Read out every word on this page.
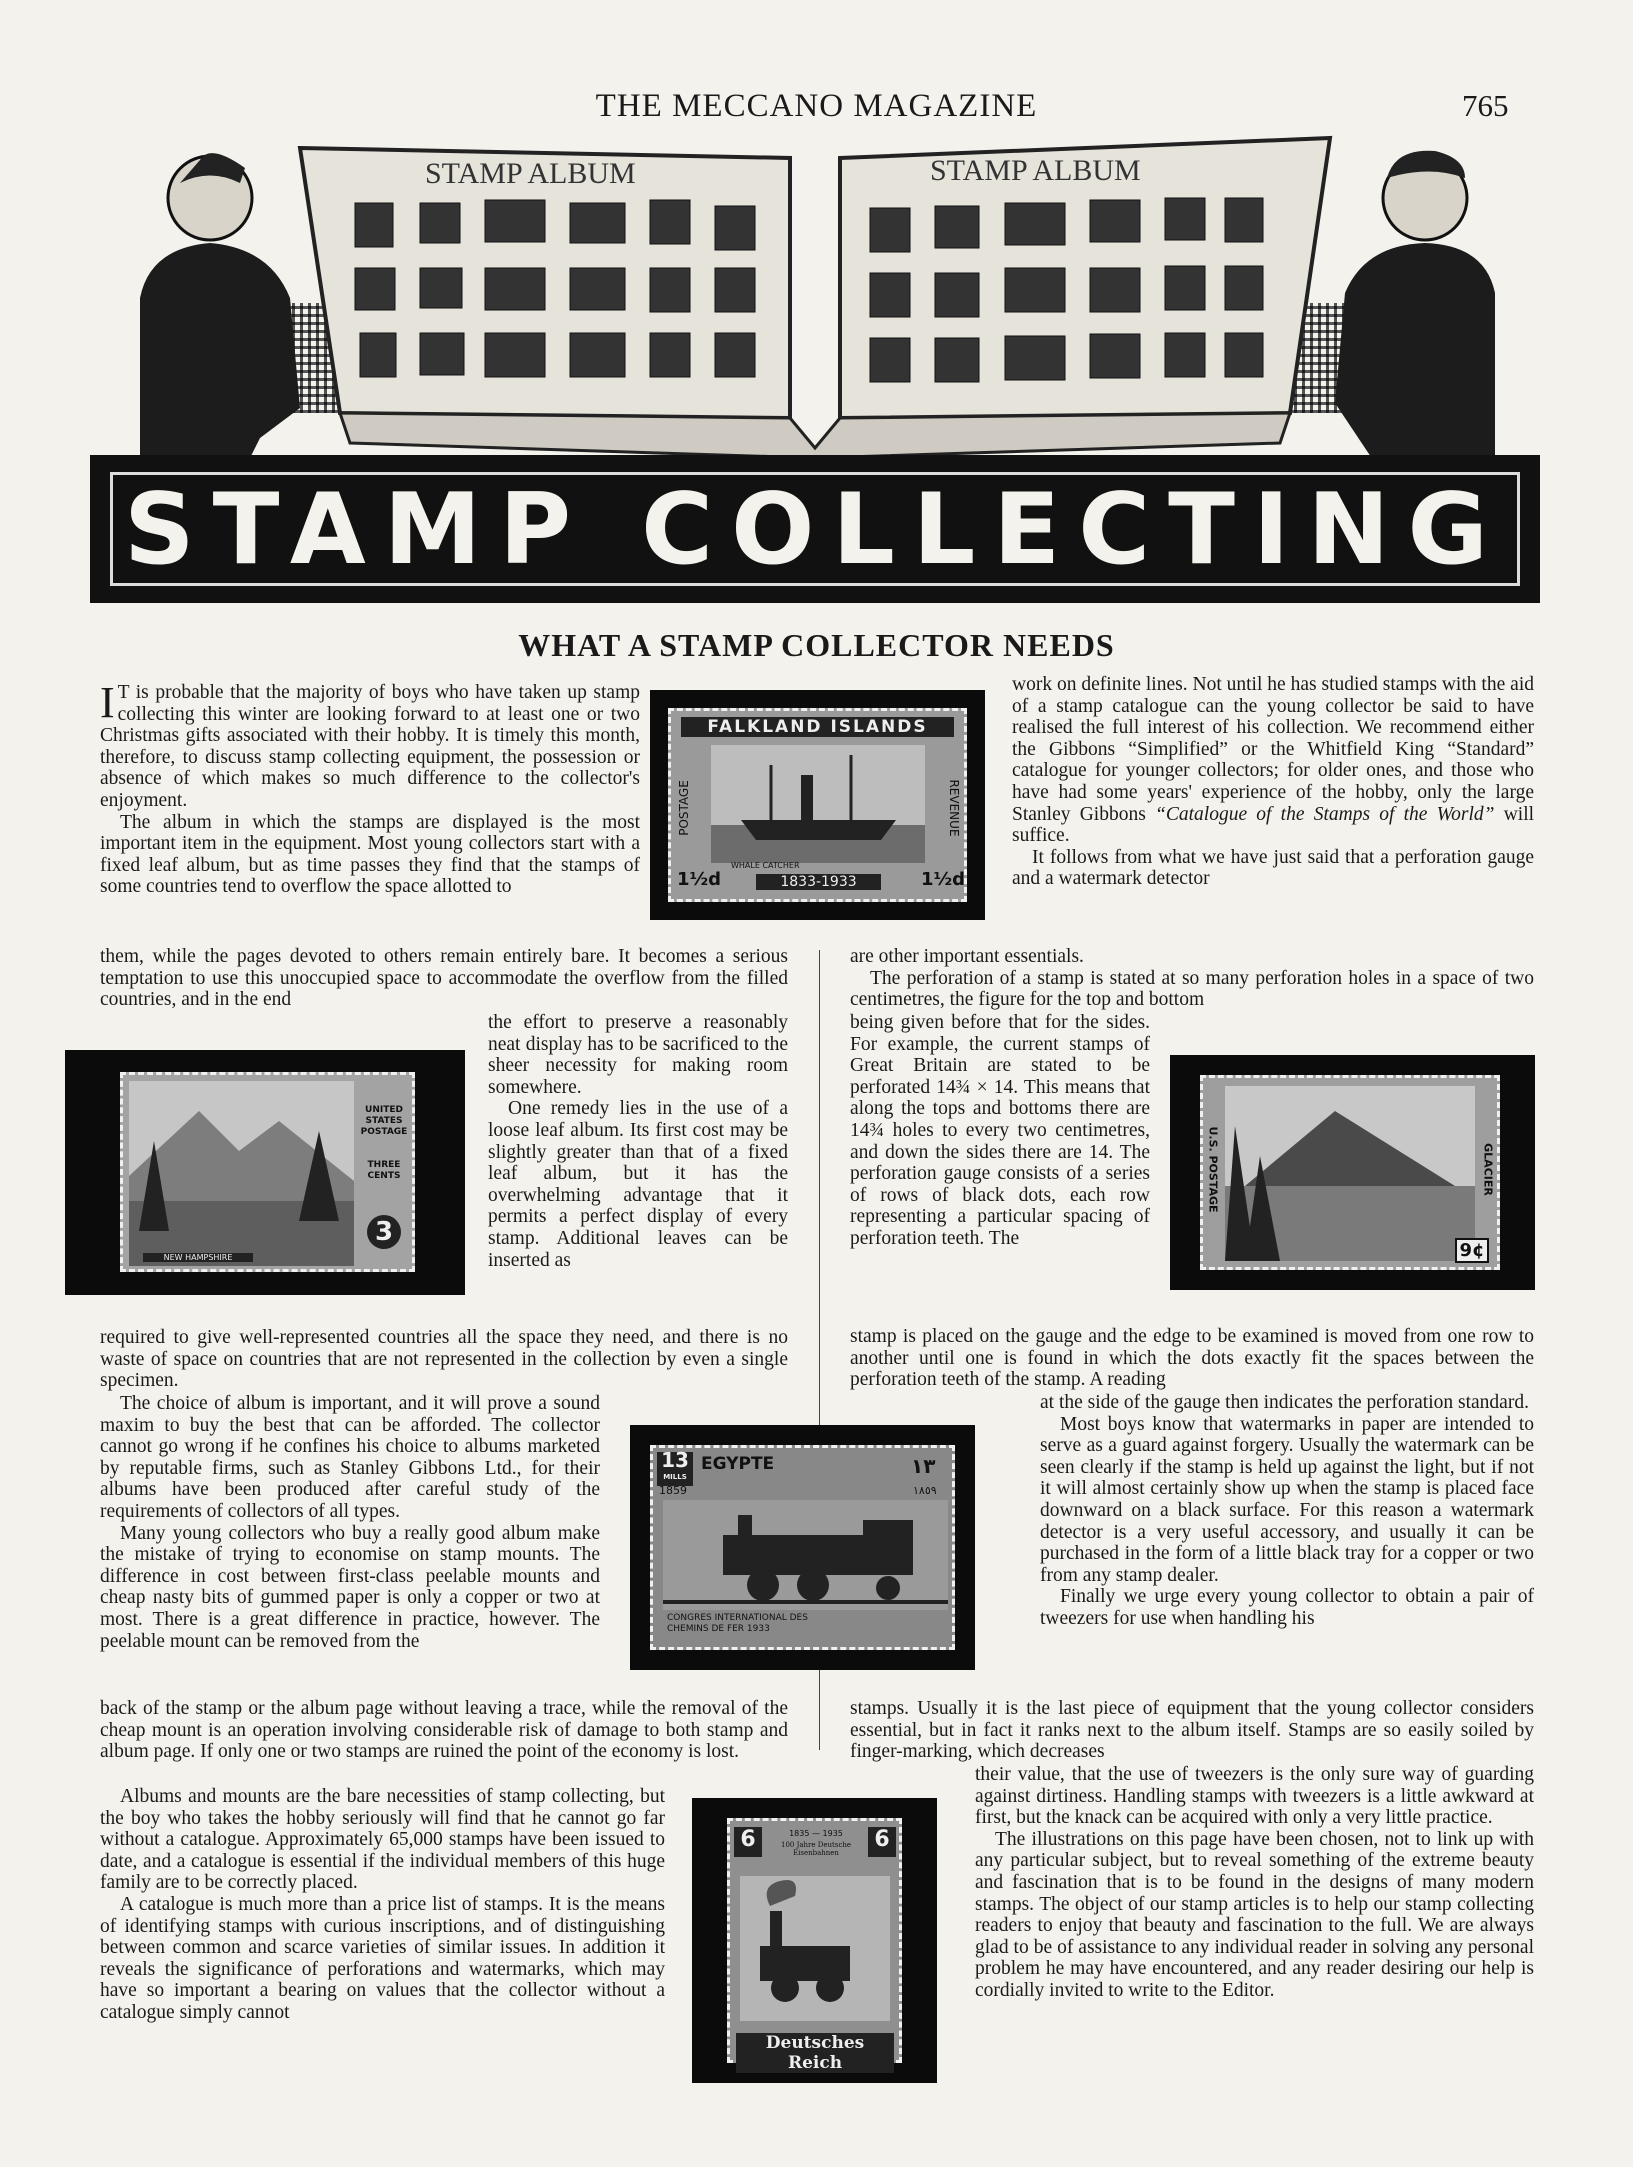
THE MECCANO MAGAZINE	765
STAMP ALBUM	STAMP ALBUM
STAMP COLLECTING
WHAT A STAMP COLLECTOR NEEDS

I T is probable that the majority of boys who have taken up stamp collecting this winter are looking forward to at least one or two Christmas gifts associated with their hobby. It is timely this month, therefore, to discuss stamp collecting equipment, the possession or absence of which makes so much difference to the collector's enjoyment.

The album in which the stamps are displayed is the most important item in the equipment. Most young collectors start with a fixed leaf album, but as time passes they find that the stamps of some countries tend to overflow the space allotted to

them, while the pages devoted to others remain entirely bare. It becomes a serious temptation to use this unoccupied space to accommodate the overflow from the filled countries, and in the end

the effort to preserve a reasonably neat display has to be sacrificed to the sheer necessity for making room somewhere.

One remedy lies in the use of a loose leaf album. Its first cost may be slightly greater than that of a fixed leaf album, but it has the overwhelming advantage that it permits a perfect display of every stamp. Additional leaves can be inserted as

required to give well-represented countries all the space they need, and there is no waste of space on countries that are not represented in the collection by even a single specimen.

The choice of album is important, and it will prove a sound maxim to buy the best that can be afforded. The collector cannot go wrong if he confines his choice to albums marketed by reputable firms, such as Stanley Gibbons Ltd., for their albums have been produced after careful study of the requirements of collectors of all types.

Many young collectors who buy a really good album make the mistake of trying to economise on stamp mounts. The difference in cost between first-class peelable mounts and cheap nasty bits of gummed paper is only a copper or two at most. There is a great difference in practice, however. The peelable mount can be removed from the

back of the stamp or the album page without leaving a trace, while the removal of the cheap mount is an operation involving considerable risk of damage to both stamp and album page. If only one or two stamps are ruined the point of the economy is lost.

Albums and mounts are the bare necessities of stamp collecting, but the boy who takes the hobby seriously will find that he cannot go far without a catalogue. Approximately 65,000 stamps have been issued to date, and a catalogue is essential if the individual members of this huge family are to be correctly placed.

A catalogue is much more than a price list of stamps. It is the means of identifying stamps with curious inscriptions, and of distinguishing between common and scarce varieties of similar issues. In addition it reveals the significance of perforations and watermarks, which may have so important a bearing on values that the collector without a catalogue simply cannot

work on definite lines. Not until he has studied stamps with the aid of a stamp catalogue can the young collector be said to have realised the full interest of his collection. We recommend either the Gibbons “Simplified” or the Whitfield King “Standard” catalogue for younger collectors; for older ones, and those who have had some years' experience of the hobby, only the large Stanley Gibbons “Catalogue of the Stamps of the World” will suffice.

It follows from what we have just said that a perforation gauge and a watermark detector

are other important essentials.

The perforation of a stamp is stated at so many perforation holes in a space of two centimetres, the figure for the top and bottom

being given before that for the sides. For example, the current stamps of Great Britain are stated to be perforated 14¾ × 14. This means that along the tops and bottoms there are 14¾ holes to every two centimetres, and down the sides there are 14. The perforation gauge consists of a series of rows of black dots, each row representing a particular spacing of perforation teeth. The

stamp is placed on the gauge and the edge to be examined is moved from one row to another until one is found in which the dots exactly fit the spaces between the perforation teeth of the stamp. A reading

at the side of the gauge then indicates the perforation standard.

Most boys know that watermarks in paper are intended to serve as a guard against forgery. Usually the watermark can be seen clearly if the stamp is held up against the light, but if not it will almost certainly show up when the stamp is placed face downward on a black surface. For this reason a watermark detector is a very useful accessory, and usually it can be purchased in the form of a little black tray for a copper or two from any stamp dealer.

Finally we urge every young collector to obtain a pair of tweezers for use when handling his

stamps. Usually it is the last piece of equipment that the young collector considers essential, but in fact it ranks next to the album itself. Stamps are so easily soiled by finger-marking, which decreases

their value, that the use of tweezers is the only sure way of guarding against dirtiness. Handling stamps with tweezers is a little awkward at first, but the knack can be acquired with only a very little practice.

The illustrations on this page have been chosen, not to link up with any particular subject, but to reveal something of the extreme beauty and fascination that is to be found in the designs of many modern stamps. The object of our stamp articles is to help our stamp collecting readers to enjoy that beauty and fascination to the full. We are always glad to be of assistance to any individual reader in solving any personal problem he may have encountered, and any reader desiring our help is cordially invited to write to the Editor.

FALKLAND ISLANDS
POSTAGE	REVENUE
WHALE CATCHER
1½d	1833-1933	1½d
UNITED STATES POSTAGE
THREE CENTS
3
NEW HAMPSHIRE
U.S. POSTAGE	GLACIER
9¢
13
MILLS
EGYPTE	١٣
1859	١٨٥٩
CONGRES INTERNATIONAL DES CHEMINS DE FER 1933
6	6
1835 — 1935
100 Jahre Deutsche Eisenbahnen
Deutsches Reich
